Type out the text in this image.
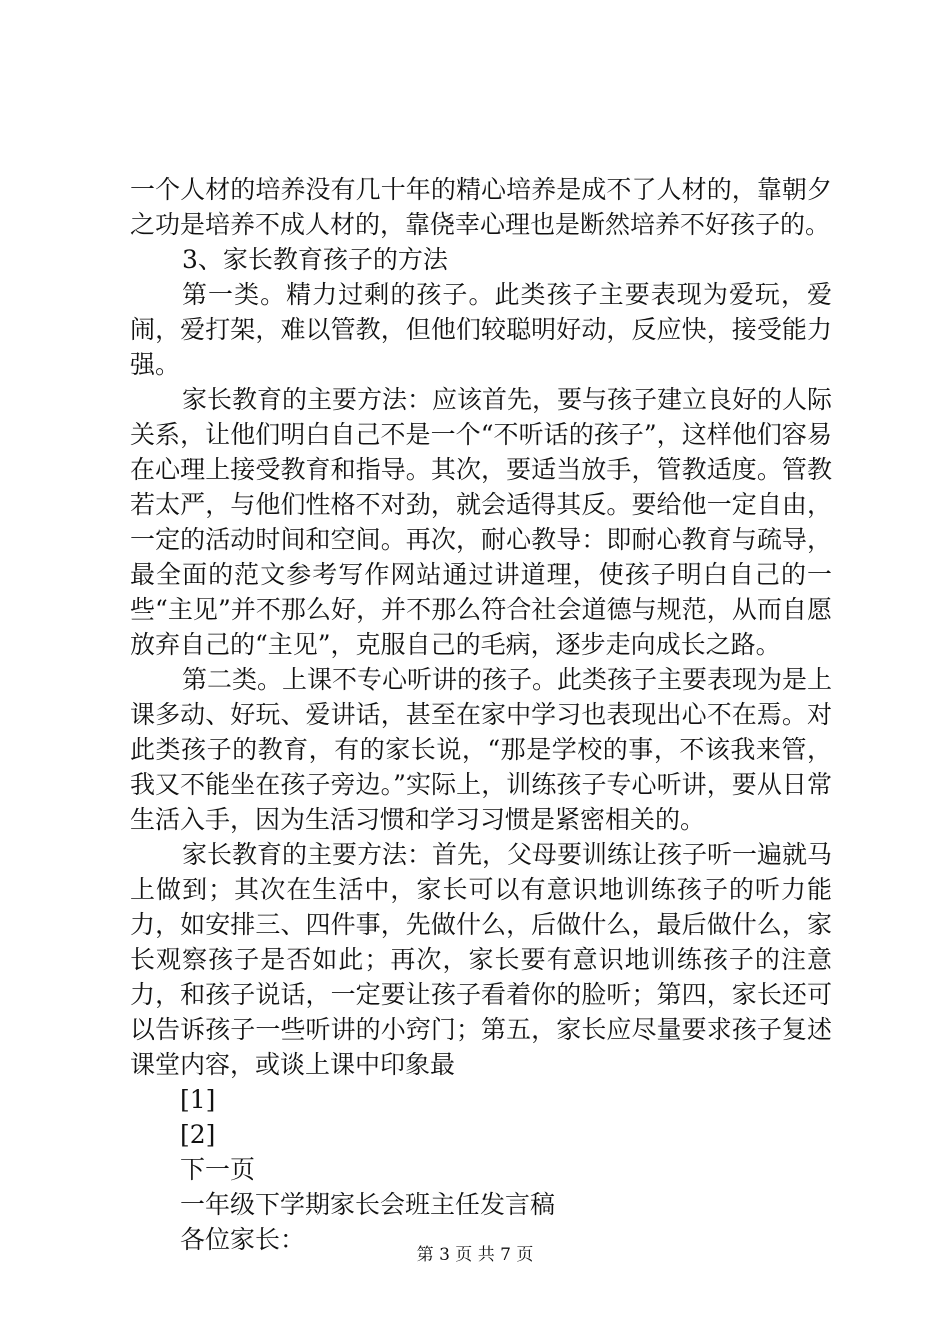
一个人材的培养没有几十年的精心培养是成不了人材的，靠朝夕之功是培养不成人材的，靠侥幸心理也是断然培养不好孩子的。

3、家长教育孩子的方法

第一类。精力过剩的孩子。此类孩子主要表现为爱玩，爱闹，爱打架，难以管教，但他们较聪明好动，反应快，接受能力强。

家长教育的主要方法：应该首先，要与孩子建立良好的人际关系，让他们明白自己不是一个“不听话的孩子”，这样他们容易在心理上接受教育和指导。其次，要适当放手，管教适度。管教若太严，与他们性格不对劲，就会适得其反。要给他一定自由，一定的活动时间和空间。再次，耐心教导：即耐心教育与疏导，最全面的范文参考写作网站通过讲道理，使孩子明白自己的一些“主见”并不那么好，并不那么符合社会道德与规范，从而自愿放弃自己的“主见”，克服自己的毛病，逐步走向成长之路。

第二类。上课不专心听讲的孩子。此类孩子主要表现为是上课多动、好玩、爱讲话，甚至在家中学习也表现出心不在焉。对此类孩子的教育，有的家长说，“那是学校的事，不该我来管，我又不能坐在孩子旁边。”实际上，训练孩子专心听讲，要从日常生活入手，因为生活习惯和学习习惯是紧密相关的。

家长教育的主要方法：首先，父母要训练让孩子听一遍就马上做到；其次在生活中，家长可以有意识地训练孩子的听力能力，如安排三、四件事，先做什么，后做什么，最后做什么，家长观察孩子是否如此；再次，家长要有意识地训练孩子的注意力，和孩子说话，一定要让孩子看着你的脸听；第四，家长还可以告诉孩子一些听讲的小窍门；第五，家长应尽量要求孩子复述课堂内容，或谈上课中印象最

[1]

[2]

下一页

一年级下学期家长会班主任发言稿

各位家长：

第 3 页 共 7 页
